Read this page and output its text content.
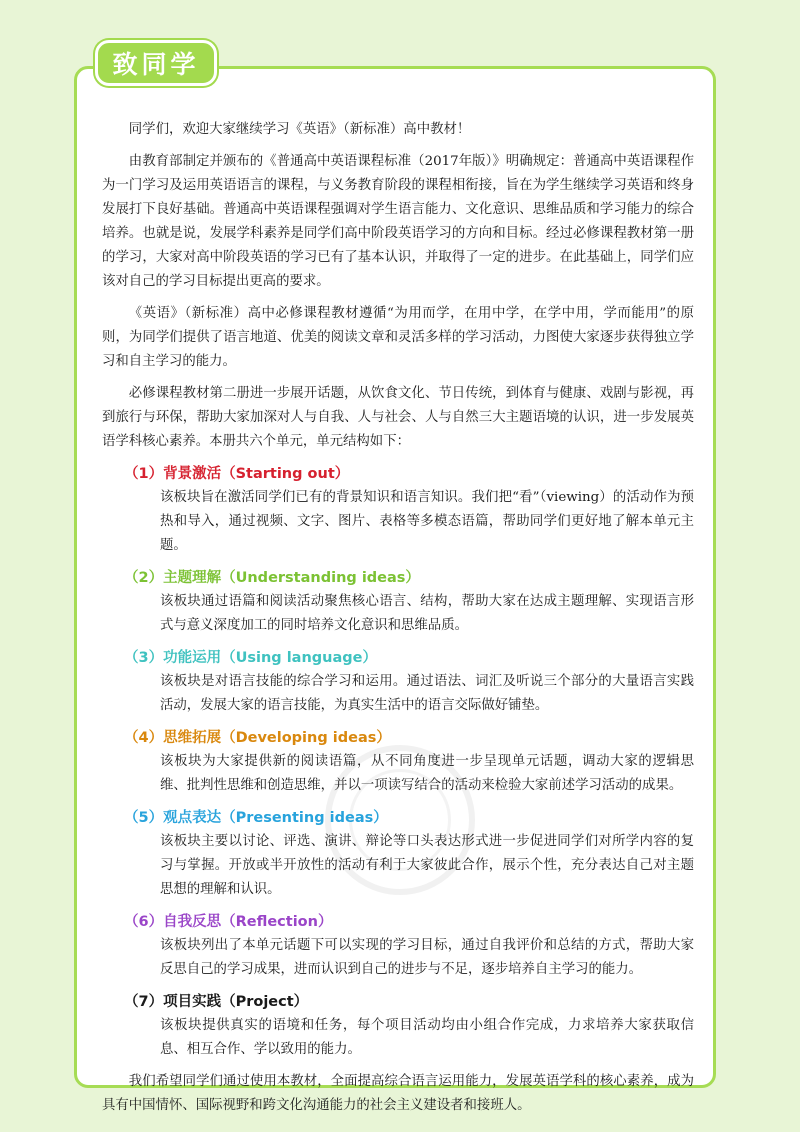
致同学

同学们，欢迎大家继续学习《英语》（新标准）高中教材！

由教育部制定并颁布的《普通高中英语课程标准（2017年版）》明确规定：普通高中英语课程作为一门学习及运用英语语言的课程，与义务教育阶段的课程相衔接，旨在为学生继续学习英语和终身发展打下良好基础。普通高中英语课程强调对学生语言能力、文化意识、思维品质和学习能力的综合培养。也就是说，发展学科素养是同学们高中阶段英语学习的方向和目标。经过必修课程教材第一册的学习，大家对高中阶段英语的学习已有了基本认识，并取得了一定的进步。在此基础上，同学们应该对自己的学习目标提出更高的要求。

《英语》（新标准）高中必修课程教材遵循“为用而学，在用中学，在学中用，学而能用”的原则，为同学们提供了语言地道、优美的阅读文章和灵活多样的学习活动，力图使大家逐步获得独立学习和自主学习的能力。

必修课程教材第二册进一步展开话题，从饮食文化、节日传统，到体育与健康、戏剧与影视，再到旅行与环保，帮助大家加深对人与自我、人与社会、人与自然三大主题语境的认识，进一步发展英语学科核心素养。本册共六个单元，单元结构如下：

（1）背景激活（Starting out）
该板块旨在激活同学们已有的背景知识和语言知识。我们把“看”（viewing）的活动作为预热和导入，通过视频、文字、图片、表格等多模态语篇，帮助同学们更好地了解本单元主题。
（2）主题理解（Understanding ideas）
该板块通过语篇和阅读活动聚焦核心语言、结构，帮助大家在达成主题理解、实现语言形式与意义深度加工的同时培养文化意识和思维品质。
（3）功能运用（Using language）
该板块是对语言技能的综合学习和运用。通过语法、词汇及听说三个部分的大量语言实践活动，发展大家的语言技能，为真实生活中的语言交际做好铺垫。
（4）思维拓展（Developing ideas）
该板块为大家提供新的阅读语篇，从不同角度进一步呈现单元话题，调动大家的逻辑思维、批判性思维和创造思维，并以一项读写结合的活动来检验大家前述学习活动的成果。
（5）观点表达（Presenting ideas）
该板块主要以讨论、评选、演讲、辩论等口头表达形式进一步促进同学们对所学内容的复习与掌握。开放或半开放性的活动有利于大家彼此合作，展示个性，充分表达自己对主题思想的理解和认识。
（6）自我反思（Reflection）
该板块列出了本单元话题下可以实现的学习目标，通过自我评价和总结的方式，帮助大家反思自己的学习成果，进而认识到自己的进步与不足，逐步培养自主学习的能力。
（7）项目实践（Project）
该板块提供真实的语境和任务，每个项目活动均由小组合作完成，力求培养大家获取信息、相互合作、学以致用的能力。

我们希望同学们通过使用本教材，全面提高综合语言运用能力，发展英语学科的核心素养，成为具有中国情怀、国际视野和跨文化沟通能力的社会主义建设者和接班人。
